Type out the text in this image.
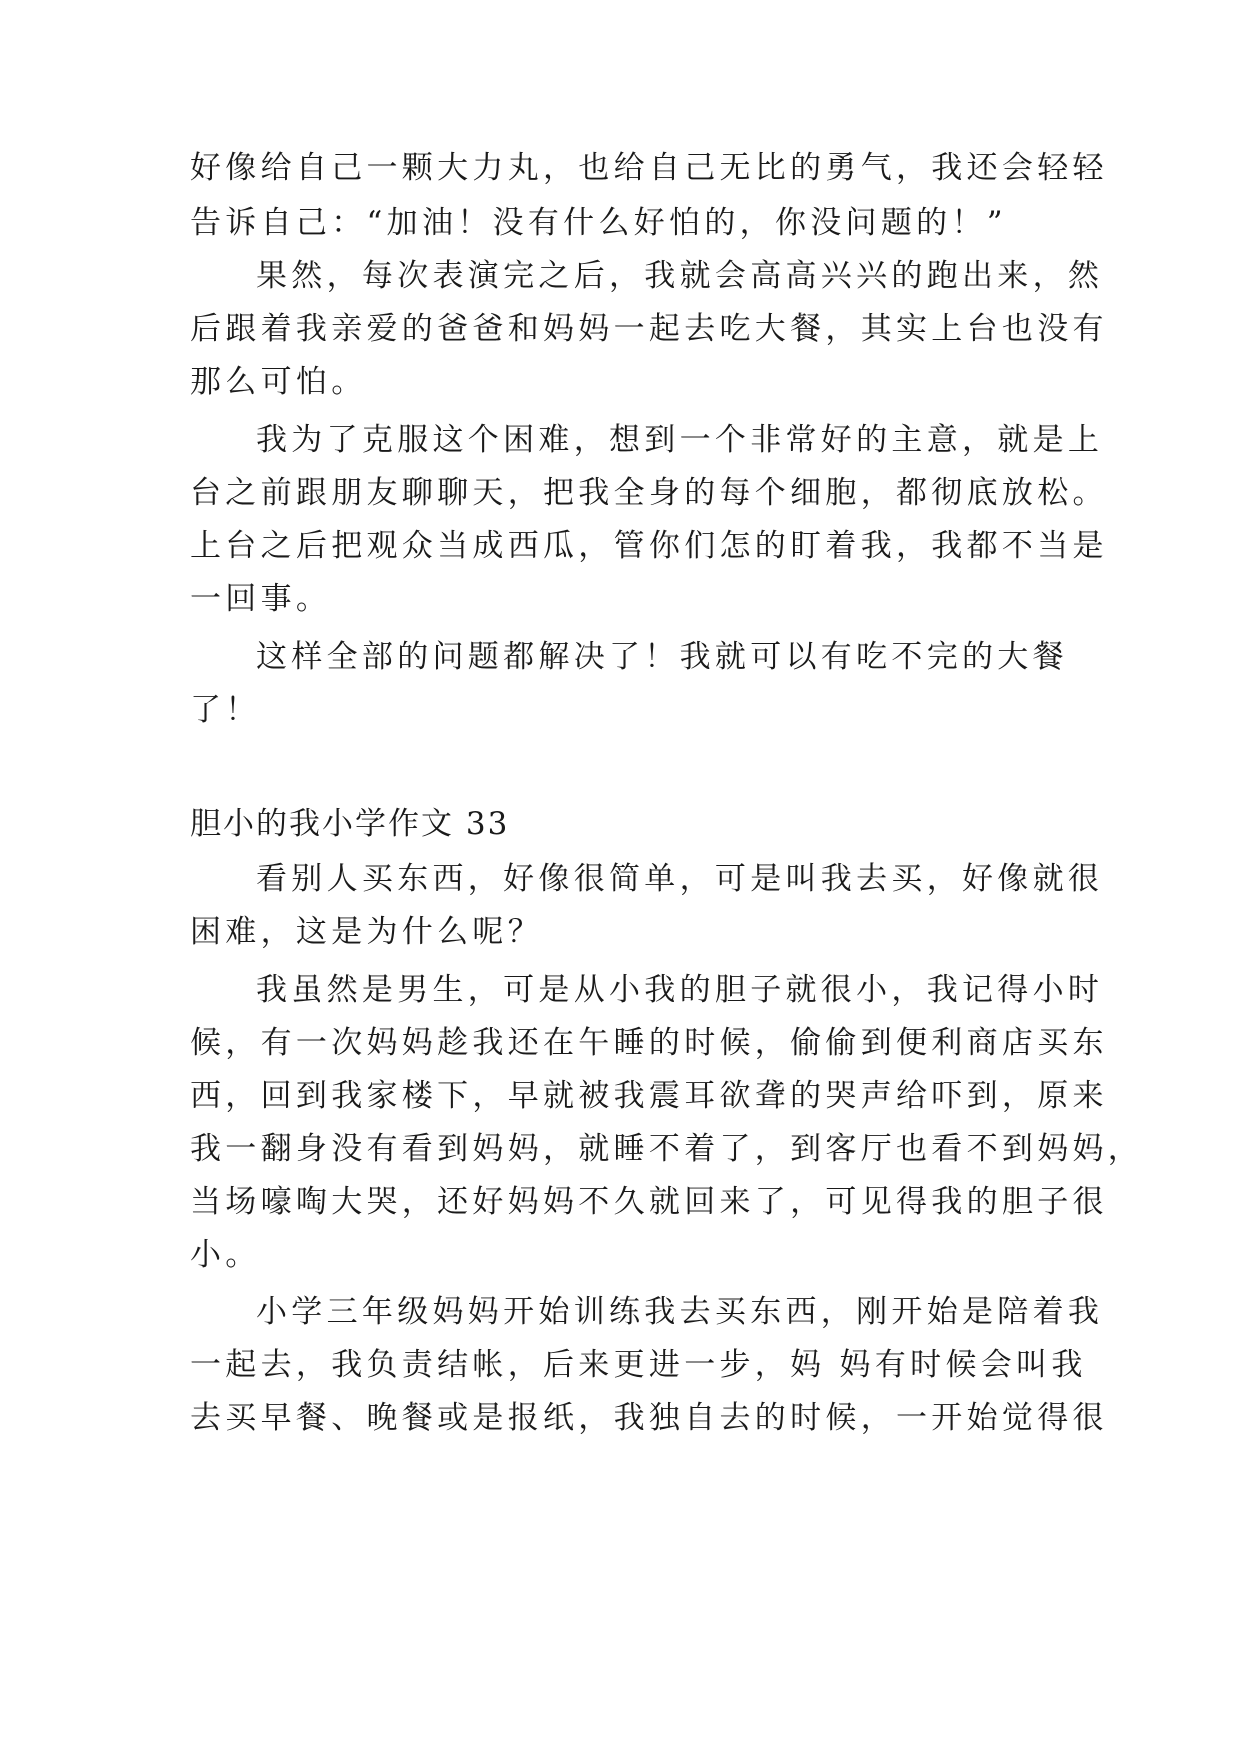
好像给自己一颗大力丸，也给自己无比的勇气，我还会轻轻
告诉自己：“加油！没有什么好怕的，你没问题的！”
果然，每次表演完之后，我就会高高兴兴的跑出来，然
后跟着我亲爱的爸爸和妈妈一起去吃大餐，其实上台也没有
那么可怕。
我为了克服这个困难，想到一个非常好的主意，就是上
台之前跟朋友聊聊天，把我全身的每个细胞，都彻底放松。
上台之后把观众当成西瓜，管你们怎的盯着我，我都不当是
一回事。
这样全部的问题都解决了！我就可以有吃不完的大餐
了！
胆小的我小学作文 33
看别人买东西，好像很简单，可是叫我去买，好像就很
困难，这是为什么呢？
我虽然是男生，可是从小我的胆子就很小，我记得小时
候，有一次妈妈趁我还在午睡的时候，偷偷到便利商店买东
西，回到我家楼下，早就被我震耳欲聋的哭声给吓到，原来
我一翻身没有看到妈妈，就睡不着了，到客厅也看不到妈妈，
当场嚎啕大哭，还好妈妈不久就回来了，可见得我的胆子很
小。
小学三年级妈妈开始训练我去买东西，刚开始是陪着我
一起去，我负责结帐，后来更进一步，妈 妈有时候会叫我
去买早餐、晚餐或是报纸，我独自去的时候，一开始觉得很
